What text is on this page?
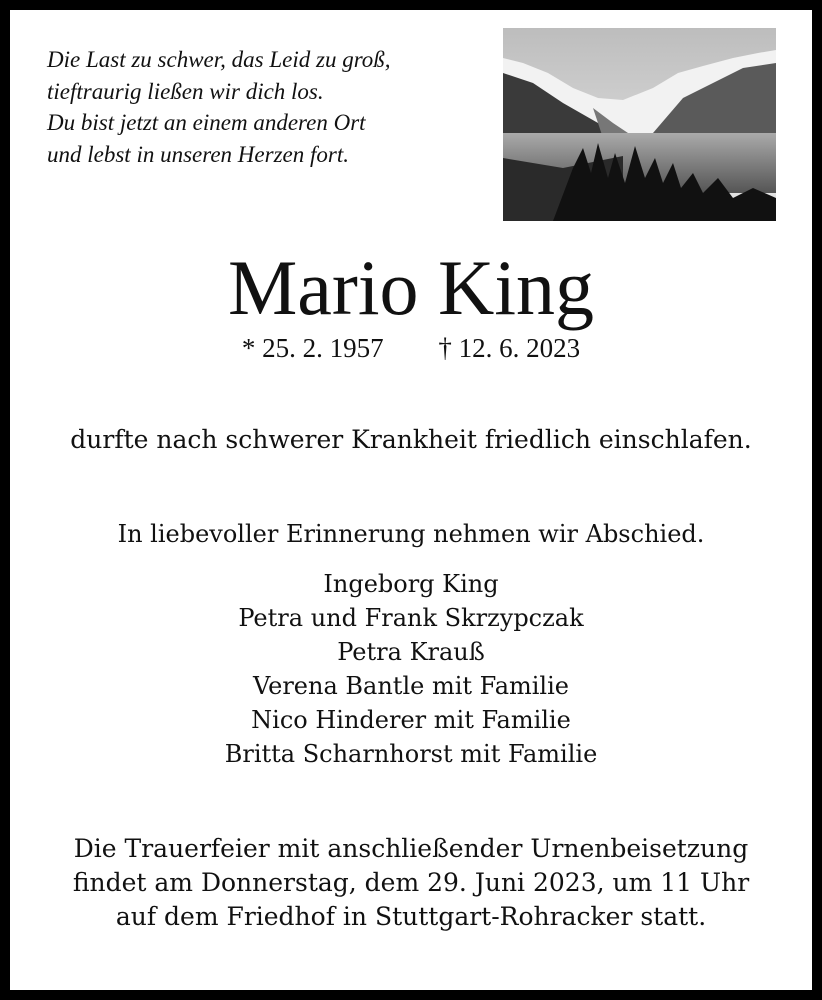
Die Last zu schwer, das Leid zu groß,
tieftraurig ließen wir dich los.
Du bist jetzt an einem anderen Ort
und lebst in unseren Herzen fort.
Mario King
* 25. 2. 1957 † 12. 6. 2023
durfte nach schwerer Krankheit friedlich einschlafen.
In liebevoller Erinnerung nehmen wir Abschied.
Ingeborg King
Petra und Frank Skrzypczak
Petra Krauß
Verena Bantle mit Familie
Nico Hinderer mit Familie
Britta Scharnhorst mit Familie
Die Trauerfeier mit anschließender Urnenbeisetzung
findet am Donnerstag, dem 29. Juni 2023, um 11 Uhr
auf dem Friedhof in Stuttgart-Rohracker statt.
